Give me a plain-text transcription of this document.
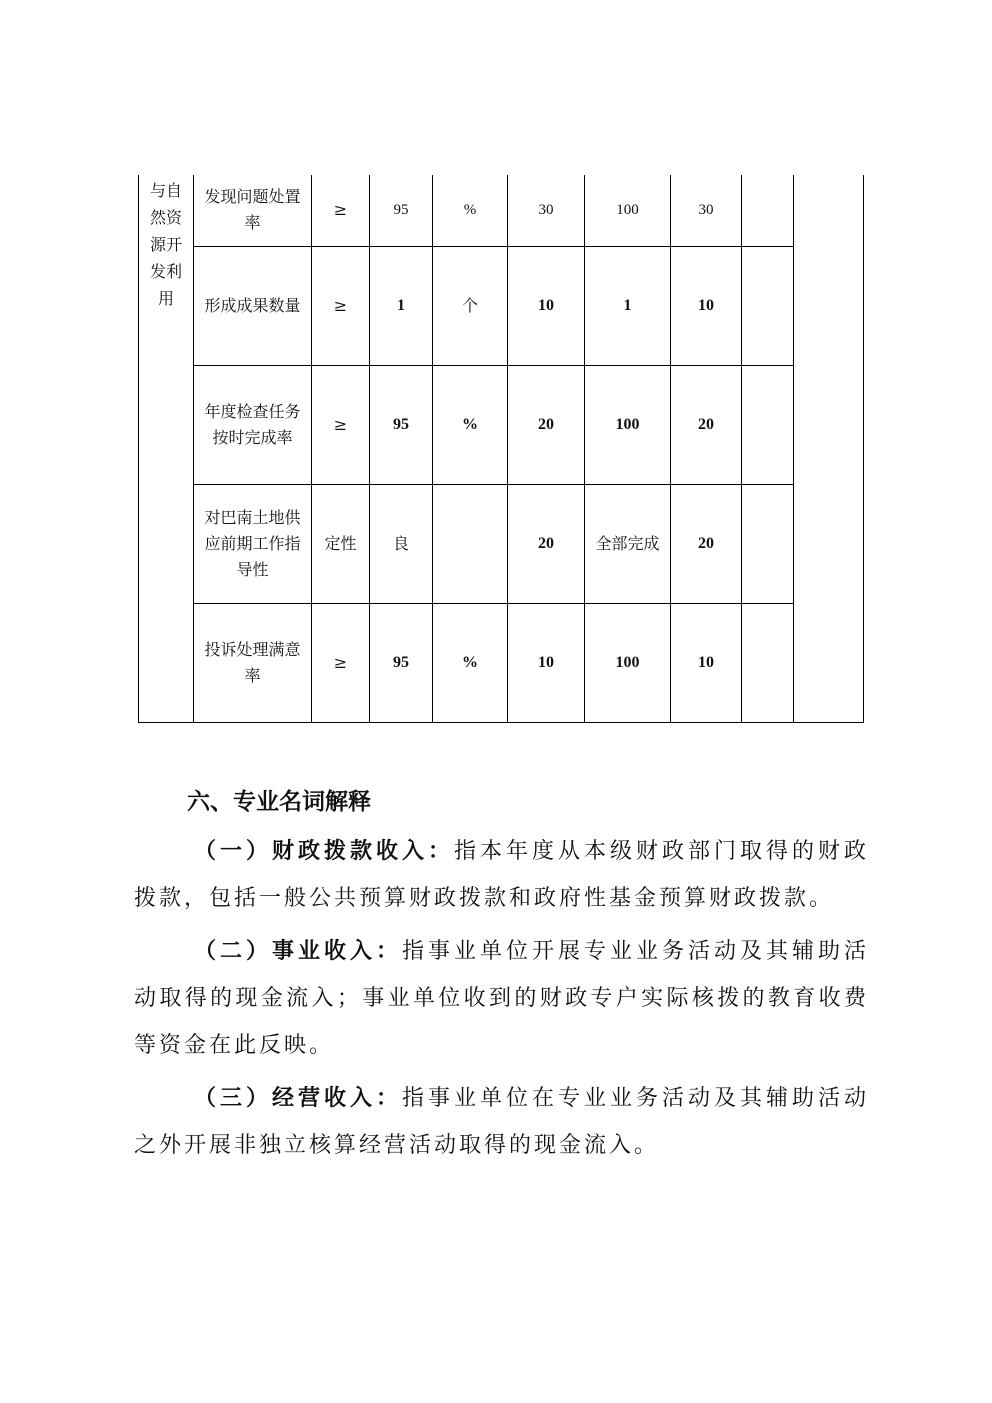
与自然资源开发利用	发现问题处置率	≥	95	%	30	100	30		
	形成成果数量	≥	1	个	10	1	10		
	年度检查任务按时完成率	≥	95	%	20	100	20		
	对巴南土地供应前期工作指导性	定性	良		20	全部完成	20		
	投诉处理满意率	≥	95	%	10	100	10		
六、专业名词解释

（一）财政拨款收入：指本年度从本级财政部门取得的财政拨款，包括一般公共预算财政拨款和政府性基金预算财政拨款。

（二）事业收入：指事业单位开展专业业务活动及其辅助活动取得的现金流入；事业单位收到的财政专户实际核拨的教育收费等资金在此反映。

（三）经营收入：指事业单位在专业业务活动及其辅助活动之外开展非独立核算经营活动取得的现金流入。
